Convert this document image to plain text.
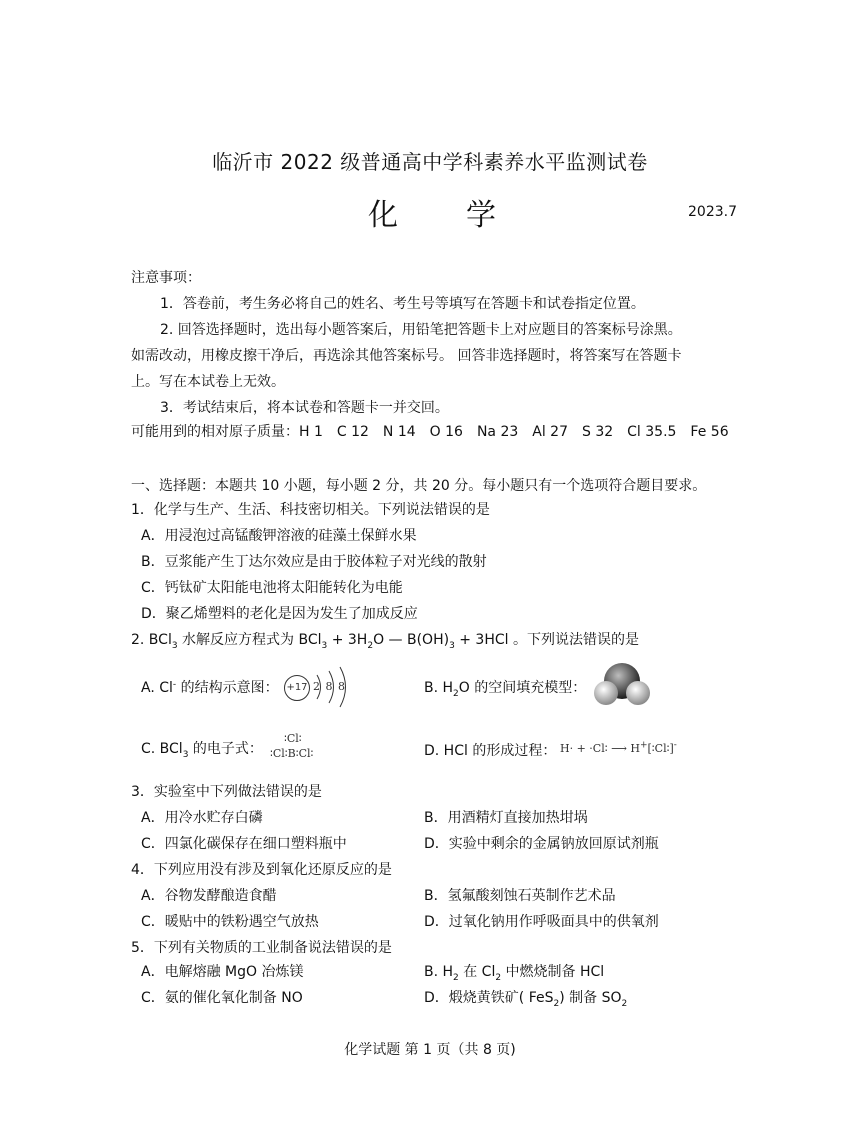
临沂市 2022 级普通高中学科素养水平监测试卷
化学	2023.7
注意事项：
1．答卷前，考生务必将自己的姓名、考生号等填写在答题卡和试卷指定位置。
2. 回答选择题时，选出每小题答案后，用铅笔把答题卡上对应题目的答案标号涂黑。
如需改动，用橡皮擦干净后，再选涂其他答案标号。 回答非选择题时，将答案写在答题卡
上。写在本试卷上无效。
3．考试结束后，将本试卷和答题卡一并交回。
可能用到的相对原子质量：H 1　C 12　N 14　O 16　Na 23　Al 27　S 32　Cl 35.5　Fe 56
一、选择题：本题共 10 小题，每小题 2 分，共 20 分。每小题只有一个选项符合题目要求。
1．化学与生产、生活、科技密切相关。下列说法错误的是
A．用浸泡过高锰酸钾溶液的硅藻土保鲜水果
B．豆浆能产生丁达尔效应是由于胶体粒子对光线的散射
C．钙钛矿太阳能电池将太阳能转化为电能
D．聚乙烯塑料的老化是因为发生了加成反应
2. BCl$_3$ 水解反应方程式为 $BCl_3 + 3H_2O$ — $B(OH)_3 + 3HCl$ 。下列说法错误的是
A. Cl- 的结构示意图： +17 2 8 8	B. $H_2O$ 的空间填充模型：
C. BCl$_3$ 的电子式：
∶Cl∶
∶Cl∶B∶Cl∶	D. HCl 的形成过程： H· + ·Cl∶ ⟶ H+[∶Cl∶]-
3．实验室中下列做法错误的是
A．用冷水贮存白磷	B．用酒精灯直接加热坩埚
C．四氯化碳保存在细口塑料瓶中	D．实验中剩余的金属钠放回原试剂瓶
4．下列应用没有涉及到氧化还原反应的是
A．谷物发酵酿造食醋	B．氢氟酸刻蚀石英制作艺术品
C．暖贴中的铁粉遇空气放热	D．过氧化钠用作呼吸面具中的供氧剂
5．下列有关物质的工业制备说法错误的是
A．电解熔融 MgO 冶炼镁	B. $H_2$ 在 $Cl_2$ 中燃烧制备 HCl
C．氨的催化氧化制备 NO	D．煅烧黄铁矿( FeS$_2$) 制备 $SO_2$
化学试题 第 1 页（共 8 页)
